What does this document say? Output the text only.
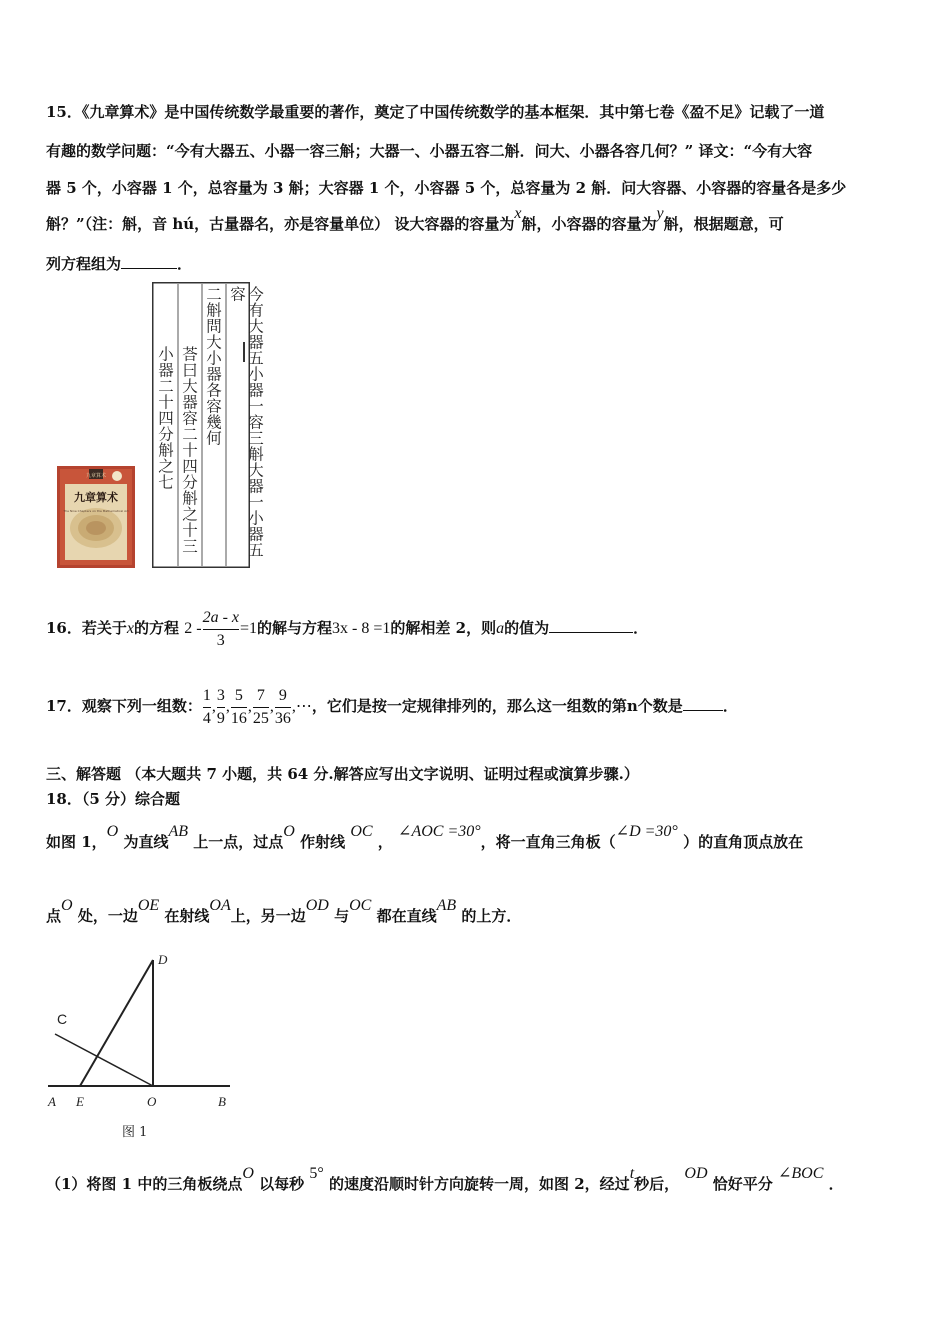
15．《九章算术》是中国传统数学最重要的著作，奠定了中国传统数学的基本框架．其中第七卷《盈不足》记载了一道
有趣的数学问题：“今有大器五、小器一容三斛；大器一、小器五容二斛．问大、小器各容几何？” 译文：“今有大容
器 5 个，小容器 1 个，总容量为 3 斛；大容器 1 个，小容器 5 个，总容量为 2 斛．问大容器、小容器的容量各是多少
斛？”（注：斛，音 hú，古量器名，亦是容量单位） 设大容器的容量为x斛，小容器的容量为y斛，根据题意，可
列方程组为	．
九章算术
九章算术
The Nine Chapters on the Mathematical Art	今有大器五小器一容三斛大器一小器五容
二斛問大小器各容幾何
荅曰大器容二十四分斛之十三
小器二十四分斛之七
16．若关于x的方程 $2 - \frac{2a - x}{3} =1$的解与方程3x - 8 =1的解相差 2，则a的值为	．
17．观察下列一组数： $\frac{1}{4}$ , $\frac{3}{9}$ , $\frac{5}{16}$ , $\frac{7}{25}$ , $\frac{9}{36}$ ,⋯，它们是按一定规律排列的，那么这一组数的第n个数是	．
三、解答题 （本大题共 7 小题，共 64 分.解答应写出文字说明、证明过程或演算步骤.）
18．（5 分）综合题
如图 1，O 为直线AB 上一点，过点O 作射线 OC ， ∠AOC =30°，将一直角三角板（∠D =30° ）的直角顶点放在
点O 处，一边OE 在射线OA上，另一边OD 与OC 都在直线AB 的上方．
D
C
A E	O	B
图 1
（1）将图 1 中的三角板绕点O 以每秒 5° 的速度沿顺时针方向旋转一周，如图 2，经过t秒后， OD 恰好平分 ∠BOC ．
